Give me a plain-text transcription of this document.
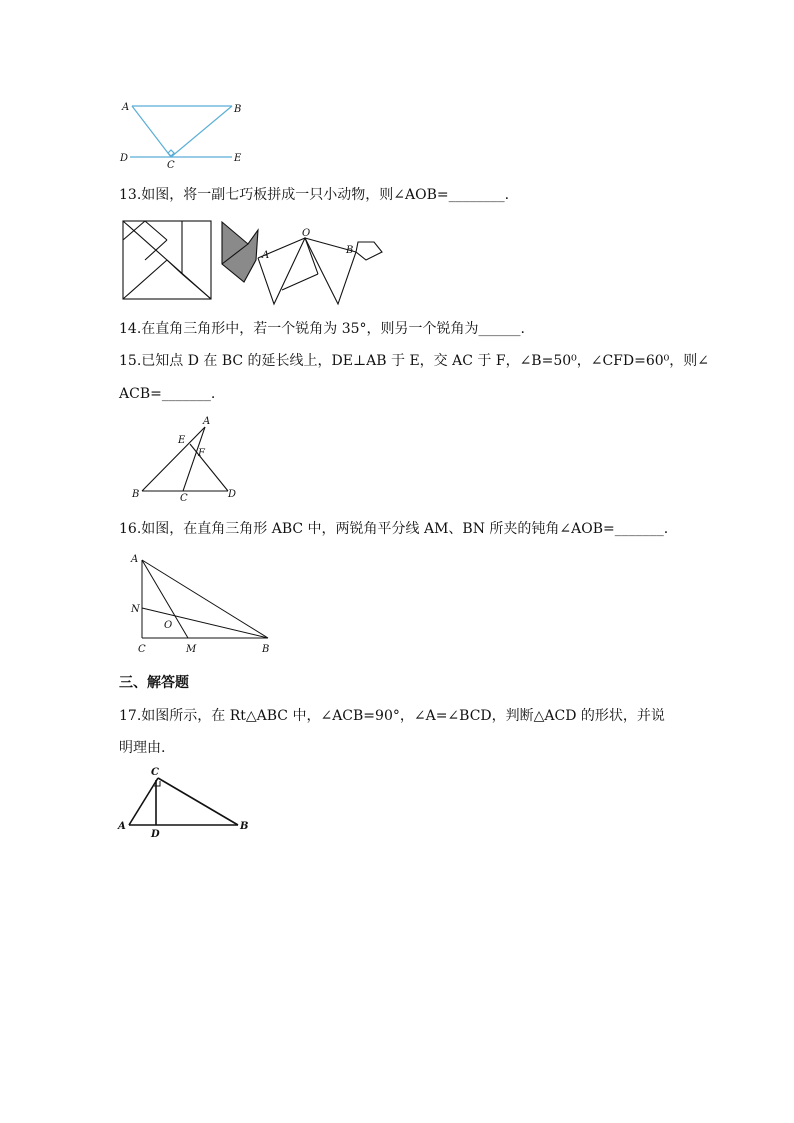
A	B
D
C
E
13.如图，将一副七巧板拼成一只小动物，则∠AOB=________.
O
A	B
14.在直角三角形中，若一个锐角为 35°，则另一个锐角为______.
15.已知点 D 在 BC 的延长线上，DE⊥AB 于 E，交 AC 于 F，∠B=50⁰，∠CFD=60⁰，则∠
ACB=_______.
A
E
F
B	C	D
16.如图，在直角三角形 ABC 中，两锐角平分线 AM、BN 所夹的钝角∠AOB=_______.
A
N
O
C	M	B
三、解答题
17.如图所示，在 Rt△ABC 中，∠ACB=90°，∠A=∠BCD，判断△ACD 的形状，并说
明理由.
C
A
D
B
